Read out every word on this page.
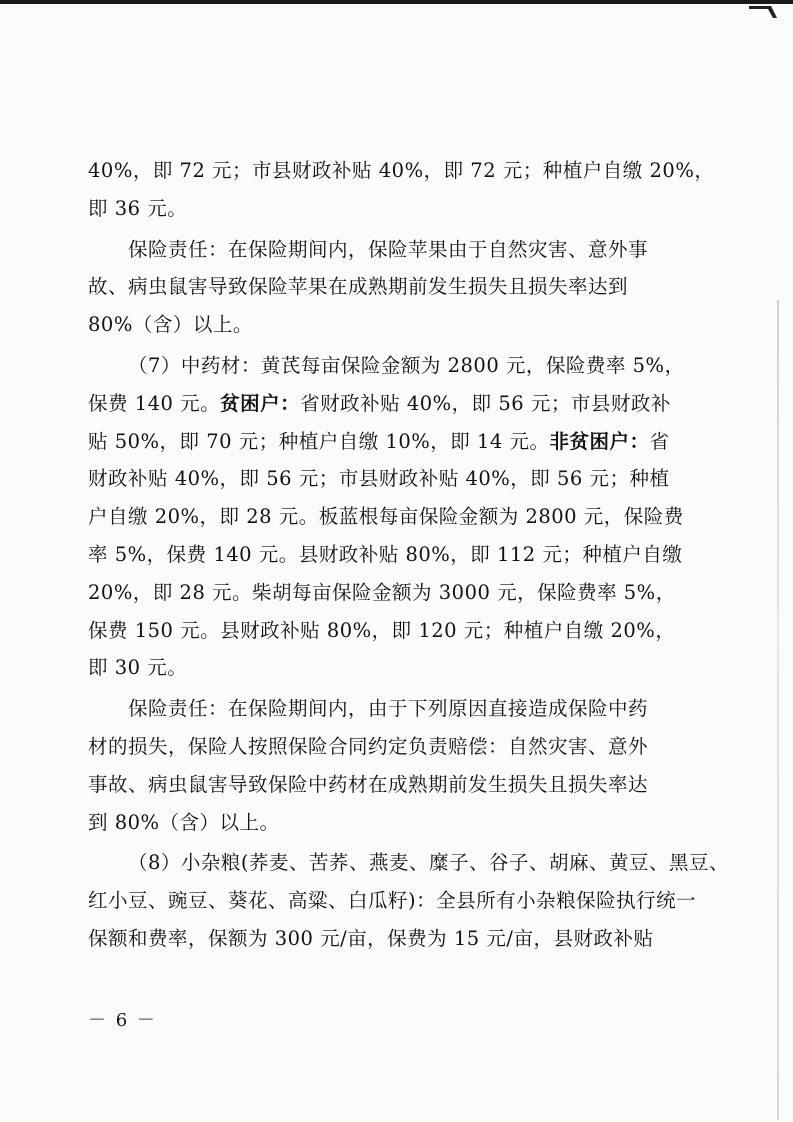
40%，即 72 元；市县财政补贴 40%，即 72 元；种植户自缴 20%，
即 36 元。
保险责任：在保险期间内，保险苹果由于自然灾害、意外事
故、病虫鼠害导致保险苹果在成熟期前发生损失且损失率达到
80%（含）以上。
（7）中药材：黄芪每亩保险金额为 2800 元，保险费率 5%，
保费 140 元。贫困户：省财政补贴 40%，即 56 元；市县财政补
贴 50%，即 70 元；种植户自缴 10%，即 14 元。非贫困户：省
财政补贴 40%，即 56 元；市县财政补贴 40%，即 56 元；种植
户自缴 20%，即 28 元。板蓝根每亩保险金额为 2800 元，保险费
率 5%，保费 140 元。县财政补贴 80%，即 112 元；种植户自缴
20%，即 28 元。柴胡每亩保险金额为 3000 元，保险费率 5%，
保费 150 元。县财政补贴 80%，即 120 元；种植户自缴 20%，
即 30 元。
保险责任：在保险期间内，由于下列原因直接造成保险中药
材的损失，保险人按照保险合同约定负责赔偿：自然灾害、意外
事故、病虫鼠害导致保险中药材在成熟期前发生损失且损失率达
到 80%（含）以上。
（8）小杂粮(荞麦、苦荞、燕麦、糜子、谷子、胡麻、黄豆、黑豆、
红小豆、豌豆、葵花、高粱、白瓜籽)：全县所有小杂粮保险执行统一
保额和费率，保额为 300 元/亩，保费为 15 元/亩，县财政补贴
－ 6 －
